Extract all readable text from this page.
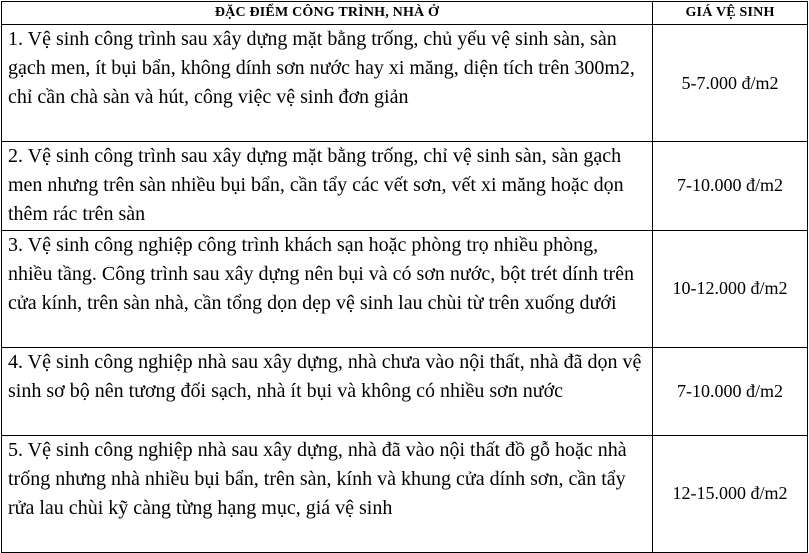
ĐẶC ĐIỂM CÔNG TRÌNH, NHÀ Ở	GIÁ VỆ SINH
1. Vệ sinh công trình sau xây dựng mặt bằng trống, chủ yếu vệ sinh sàn, sàn gạch men, ít bụi bẩn, không dính sơn nước hay xi măng, diện tích trên 300m2, chỉ cần chà sàn và hút, công việc vệ sinh đơn giản	5-7.000 đ/m2
2. Vệ sinh công trình sau xây dựng mặt bằng trống, chỉ vệ sinh sàn, sàn gạch men nhưng trên sàn nhiều bụi bẩn, cần tẩy các vết sơn, vết xi măng hoặc dọn thêm rác trên sàn	7-10.000 đ/m2
3. Vệ sinh công nghiệp công trình khách sạn hoặc phòng trọ nhiều phòng, nhiều tầng. Công trình sau xây dựng nên bụi và có sơn nước, bột trét dính trên cửa kính, trên sàn nhà, cần tổng dọn dẹp vệ sinh lau chùi từ trên xuống dưới	10-12.000 đ/m2
4. Vệ sinh công nghiệp nhà sau xây dựng, nhà chưa vào nội thất, nhà đã dọn vệ sinh sơ bộ nên tương đối sạch, nhà ít bụi và không có nhiều sơn nước	7-10.000 đ/m2
5. Vệ sinh công nghiệp nhà sau xây dựng, nhà đã vào nội thất đồ gỗ hoặc nhà trống nhưng nhà nhiều bụi bẩn, trên sàn, kính và khung cửa dính sơn, cần tẩy rửa lau chùi kỹ càng từng hạng mục, giá vệ sinh	12-15.000 đ/m2
